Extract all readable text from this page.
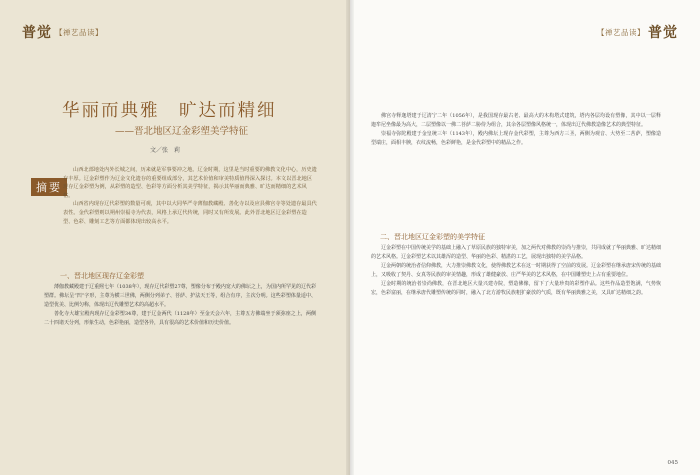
普觉 【禅艺品读】
华丽而典雅　旷达而精细
——晋北地区辽金彩塑美学特征
文／张　莉
摘要

山西北部地处内外长城之间，历来就是军事要冲之地。辽金时期，这里是当时重要的佛教文化中心，历史遗存丰厚。辽金彩塑作为辽金文化遗存的重要组成部分，其艺术价值和审美特质值得深入探讨。本文以晋北地区现存辽金彩塑为例，从彩塑的造型、色彩等方面分析其美学特征，揭示其华丽而典雅、旷达而精细的艺术风格。

山西省内现存辽代彩塑的数量可观，其中以大同华严寺薄伽教藏殿、善化寺以及应县佛宫寺等处遗存最具代表性。金代彩塑则以朔州崇福寺为代表，风格上承辽代传统，同时又有所发展。此外晋北地区辽金彩塑在造型、色彩、雕刻工艺等方面都体现出较高水平。

一、晋北地区现存辽金彩塑

薄伽教藏殿建于辽重熙七年（1038年），现存辽代彩塑27尊，塑像分布于殿内宽大的佛坛之上，为国内所罕见的辽代彩塑群。佛坛呈“凹”字形，主尊为横三世佛，两侧分列弟子、菩萨、护法天王等，组合有序，主次分明。这些彩塑体量适中、造型优美、比例匀称，体现出辽代雕塑艺术的高超水平。

善化寺大雄宝殿内现存辽金彩塑34尊，建于辽金两代（1128年）至金天会六年，主尊五方佛端坐于须弥座之上，两侧二十四诸天分列，形象生动，色彩艳丽，造型各异，具有很高的艺术价值和历史价值。

【禅艺品读】 普觉

佛宫寺释迦塔建于辽清宁二年（1056年），是我国现存最古老、最高大的木构塔式建筑，塔内各层均设有塑像，其中以一层释迦牟尼坐像最为高大，二层塑像以一佛二菩萨二胁侍为组合，其余各层塑像风格统一，体现出辽代佛教造像艺术的典型特征。

崇福寺弥陀殿建于金皇统三年（1143年），殿内佛坛上现存金代彩塑，主尊为西方三圣，两侧为观音、大势至二菩萨，塑像造型端庄，面相丰腴，衣纹流畅，色彩鲜艳，是金代彩塑中的精品之作。

二、晋北地区辽金彩塑的美学特征

辽金彩塑在中国传统美学的基础上融入了草原民族的独特审美，加之两代对佛教的崇尚与推崇，共同成就了华丽典雅、旷达精细的艺术风格。辽金彩塑艺术以其雄浑的造型、华丽的色彩、精湛的工艺，展现出独特的美学品格。

辽金两朝的统治者信仰佛教，大力推崇佛教文化，使得佛教艺术在这一时期获得了空前的发展。辽金彩塑在继承唐宋传统的基础上，又吸收了契丹、女真等民族的审美情趣，形成了雄健豪放、庄严华美的艺术风格，在中国雕塑史上占有重要地位。

辽金时期的统治者崇尚佛教，在晋北地区大量兴建寺院，塑造佛像，留下了大量珍贵的彩塑作品。这些作品造型饱满，气势恢宏，色彩富丽，在继承唐代雕塑传统的同时，融入了北方游牧民族粗犷豪放的气质，既有华丽典雅之美，又具旷达精细之韵。

045
